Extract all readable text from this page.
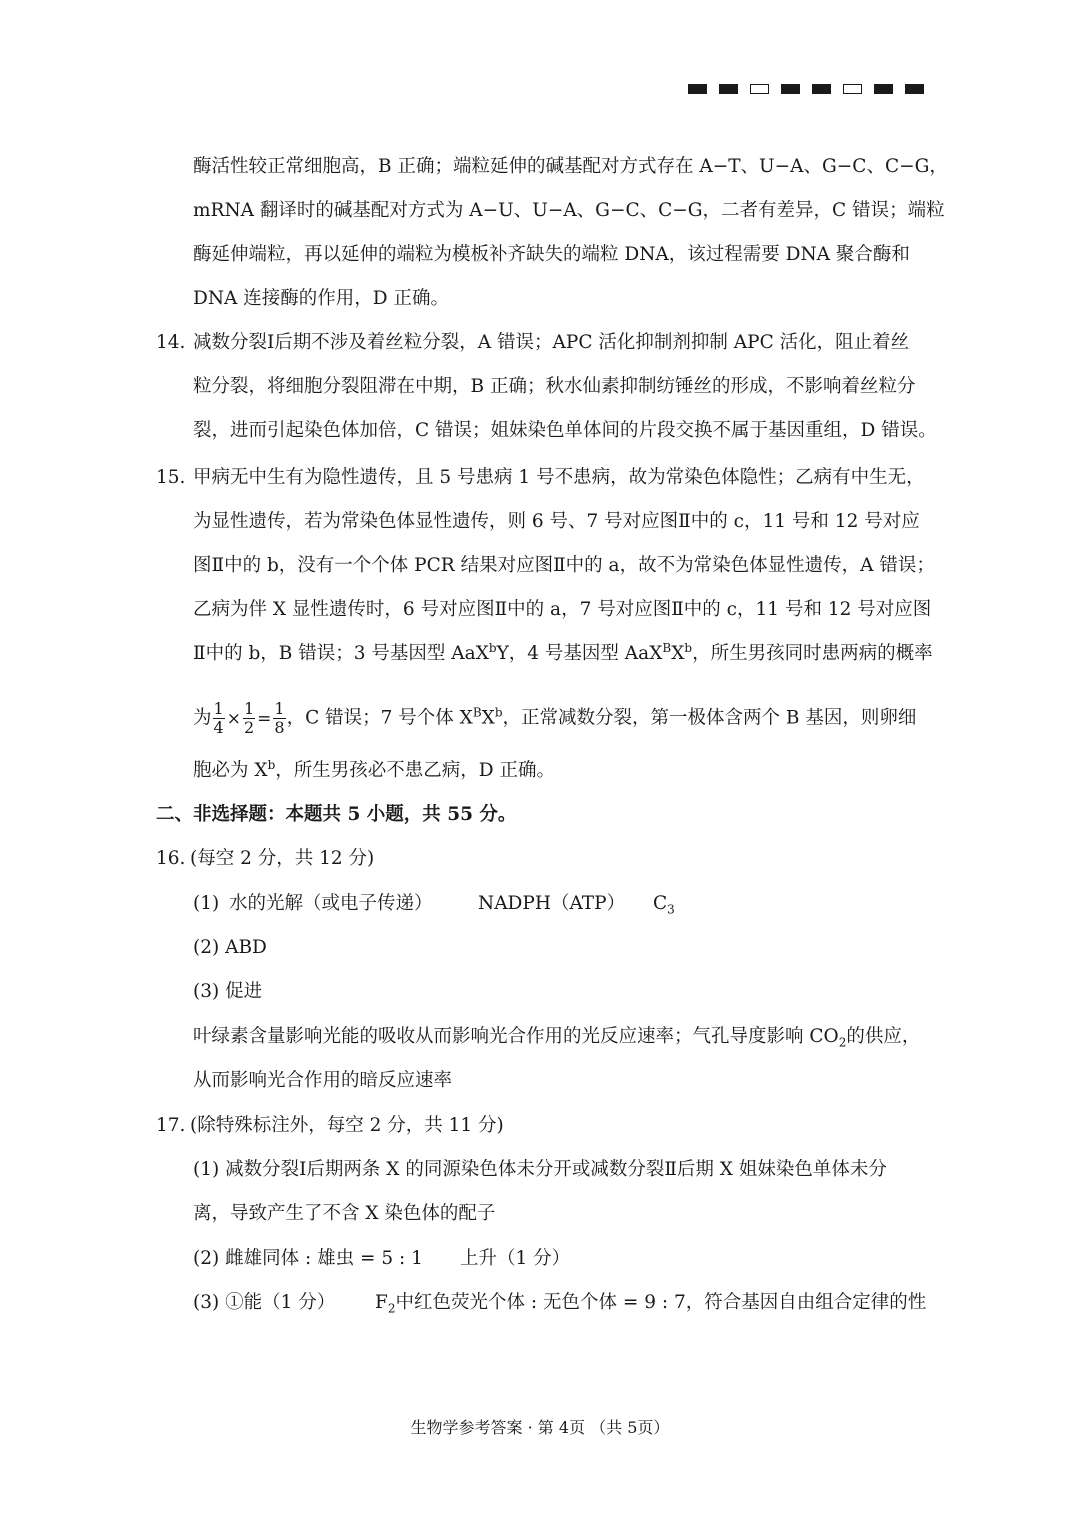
酶活性较正常细胞高，B 正确；端粒延伸的碱基配对方式存在 A−T、U−A、G−C、C−G，
mRNA 翻译时的碱基配对方式为 A−U、U−A、G−C、C−G，二者有差异，C 错误；端粒
酶延伸端粒，再以延伸的端粒为模板补齐缺失的端粒 DNA，该过程需要 DNA 聚合酶和
DNA 连接酶的作用，D 正确。
14. 减数分裂Ⅰ后期不涉及着丝粒分裂，A 错误；APC 活化抑制剂抑制 APC 活化，阻止着丝
粒分裂，将细胞分裂阻滞在中期，B 正确；秋水仙素抑制纺锤丝的形成，不影响着丝粒分
裂，进而引起染色体加倍，C 错误；姐妹染色单体间的片段交换不属于基因重组，D 错误。
15. 甲病无中生有为隐性遗传，且 5 号患病 1 号不患病，故为常染色体隐性；乙病有中生无，
为显性遗传，若为常染色体显性遗传，则 6 号、7 号对应图Ⅱ中的 c，11 号和 12 号对应
图Ⅱ中的 b，没有一个个体 PCR 结果对应图Ⅱ中的 a，故不为常染色体显性遗传，A 错误；
乙病为伴 X 显性遗传时，6 号对应图Ⅱ中的 a，7 号对应图Ⅱ中的 c，11 号和 12 号对应图
Ⅱ中的 b，B 错误；3 号基因型 AaX$^b$Y，4 号基因型 $AaX^BX^b$，所生男孩同时患两病的概率
为 $\frac{1}{4} \times \frac{1}{2} = \frac{1}{8}$ ，C 错误；7 号个体 $X^BX^b$，正常减数分裂，第一极体含两个 B 基因，则卵细
胞必为 $X^b$，所生男孩必不患乙病，D 正确。
二、非选择题：本题共 5 小题，共 55 分。
16. (每空 2 分，共 12 分)
(1) 水的光解（或电子传递） NADPH（ATP） $C_3$
(2) ABD
(3) 促进
叶绿素含量影响光能的吸收从而影响光合作用的光反应速率；气孔导度影响 $CO_2$的供应，
从而影响光合作用的暗反应速率
17. (除特殊标注外，每空 2 分，共 11 分)
(1) 减数分裂Ⅰ后期两条 X 的同源染色体未分开或减数分裂Ⅱ后期 X 姐妹染色单体未分
离，导致产生了不含 X 染色体的配子
(2) 雌雄同体 : 雄虫 = 5 : 1 上升（1 分）
(3) ①能（1 分） $F_2$中红色荧光个体 : 无色个体 = 9 : 7，符合基因自由组合定律的性
生物学参考答案 · 第 4页 （共 5页）
